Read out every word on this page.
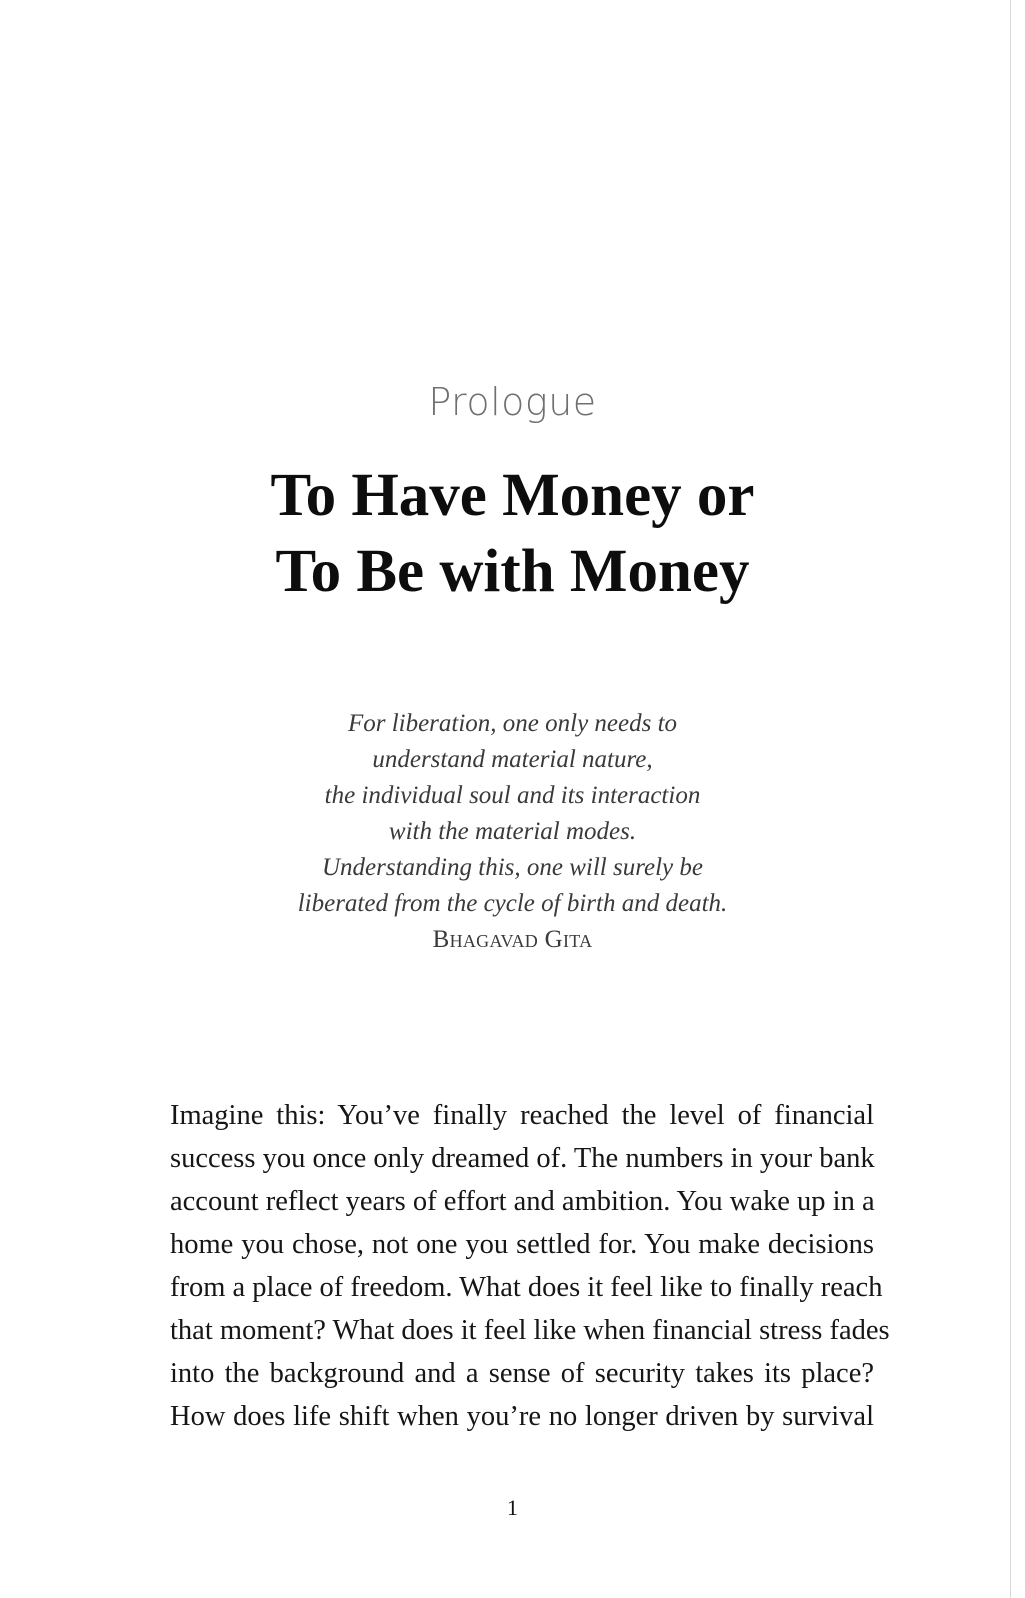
Prologue
To Have Money or
To Be with Money
For liberation, one only needs to
understand material nature,
the individual soul and its interaction
with the material modes.
Understanding this, one will surely be
liberated from the cycle of birth and death.
Bhagavad Gita
Imagine this: You’ve finally reached the level of financial
success you once only dreamed of. The numbers in your bank
account reflect years of effort and ambition. You wake up in a
home you chose, not one you settled for. You make decisions
from a place of freedom. What does it feel like to finally reach
that moment? What does it feel like when financial stress fades
into the background and a sense of security takes its place?
How does life shift when you’re no longer driven by survival
1
